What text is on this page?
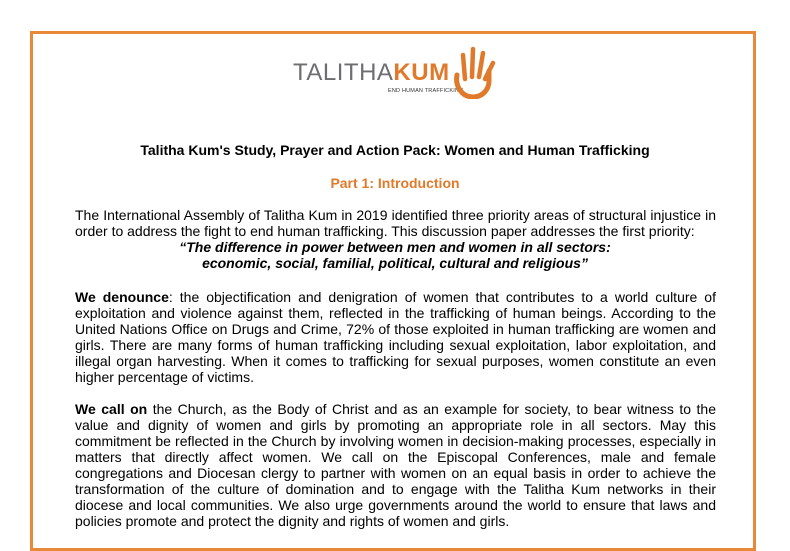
TALITHAKUM
END HUMAN TRAFFICKING
Talitha Kum's Study, Prayer and Action Pack: Women and Human Trafficking
Part 1: Introduction
The International Assembly of Talitha Kum in 2019 identified three priority areas of structural injustice in
order to address the fight to end human trafficking. This discussion paper addresses the first priority:
“The difference in power between men and women in all sectors:
economic, social, familial, political, cultural and religious”
We denounce: the objectification and denigration of women that contributes to a world culture of
exploitation and violence against them, reflected in the trafficking of human beings. According to the
United Nations Office on Drugs and Crime, 72% of those exploited in human trafficking are women and
girls. There are many forms of human trafficking including sexual exploitation, labor exploitation, and
illegal organ harvesting. When it comes to trafficking for sexual purposes, women constitute an even
higher percentage of victims.
We call on the Church, as the Body of Christ and as an example for society, to bear witness to the
value and dignity of women and girls by promoting an appropriate role in all sectors. May this
commitment be reflected in the Church by involving women in decision-making processes, especially in
matters that directly affect women. We call on the Episcopal Conferences, male and female
congregations and Diocesan clergy to partner with women on an equal basis in order to achieve the
transformation of the culture of domination and to engage with the Talitha Kum networks in their
diocese and local communities. We also urge governments around the world to ensure that laws and
policies promote and protect the dignity and rights of women and girls.
